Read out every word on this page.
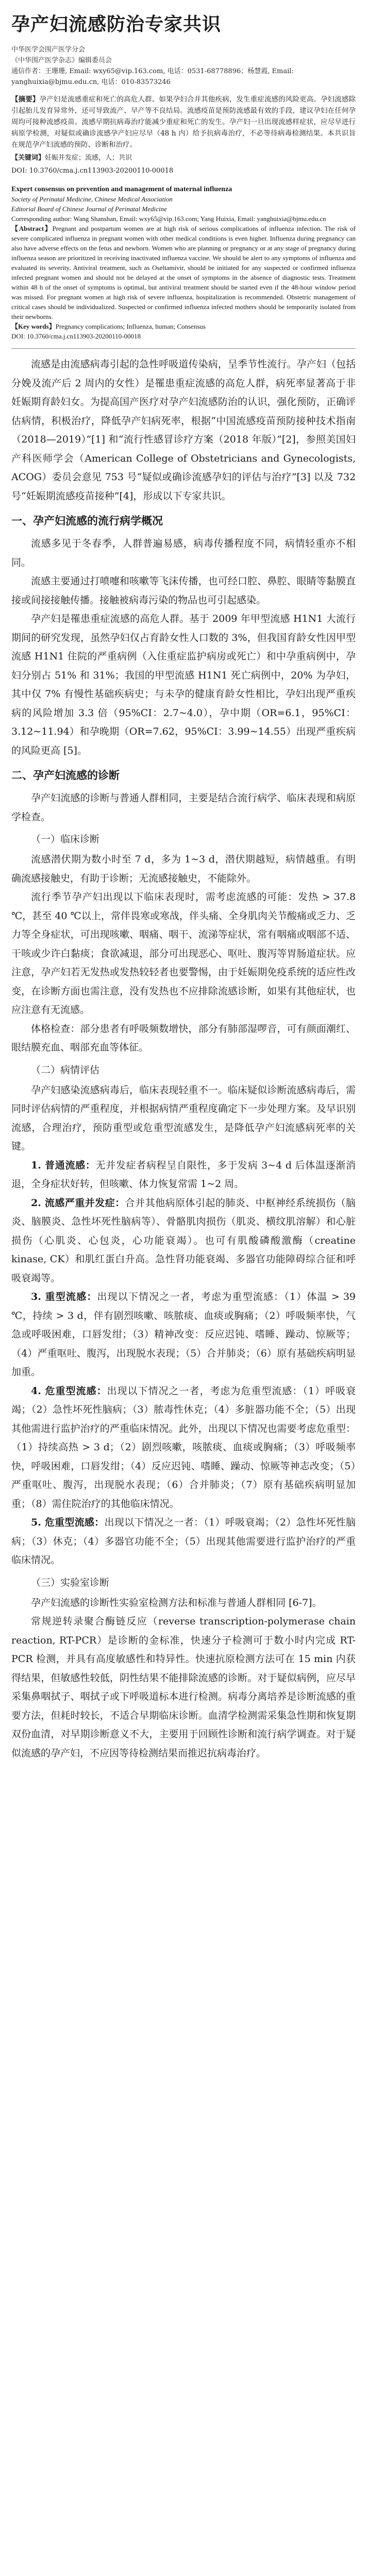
孕产妇流感防治专家共识
中华医学会围产医学分会
《中华围产医学杂志》编辑委员会
通信作者：王珊珊, Email: wxy65@vip.163.com, 电话：0531-68778896；杨慧霞, Email: yanghuixia@bjmu.edu.cn, 电话：010-83573246
【摘要】孕产妇是流感重症和死亡的高危人群。如果孕妇合并其他疾病，发生重症流感的风险更高。孕妇流感除引起胎儿发育异常外，还可导致流产、早产等不良结局。流感疫苗是预防流感最有效的手段，建议孕妇在任何孕周均可接种流感疫苗。流感早期抗病毒治疗能减少重症和死亡的发生。孕产妇一旦出现流感样症状，应尽早进行病原学检测，对疑似或确诊流感孕产妇应尽早（48 h 内）给予抗病毒治疗，不必等待病毒检测结果。本共识旨在规范孕产妇流感的预防、诊断和治疗。
【关键词】妊娠并发症；流感，人；共识
DOI: 10.3760/cma.j.cn113903-20200110-00018
Expert consensus on prevention and management of maternal influenza
Society of Perinatal Medicine, Chinese Medical Association
Editorial Board of Chinese Journal of Perinatal Medicine
Corresponding author: Wang Shanshan, Email: wxy65@vip.163.com; Yang Huixia, Email: yanghuixia@bjmu.edu.cn
【Abstract】Pregnant and postpartum women are at high risk of serious complications of influenza infection. The risk of severe complicated influenza in pregnant women with other medical conditions is even higher. Influenza during pregnancy can also have adverse effects on the fetus and newborn. Women who are planning or pregnancy or at any stage of pregnancy during influenza season are prioritized in receiving inactivated influenza vaccine. We should be alert to any symptoms of influenza and evaluated its severity. Antiviral treatment, such as Oseltamivir, should be initiated for any suspected or confirmed influenza infected pregnant women and should not be delayed at the onset of symptoms in the absence of diagnostic tests. Treatment within 48 h of the onset of symptoms is optimal, but antiviral treatment should be started even if the 48-hour window period was missed. For pregnant women at high risk of severe influenza, hospitalization is recommended. Obstetric management of critical cases should be individualized. Suspected or confirmed influenza infected mothers should be temporarily isolated from their newborns.
【Key words】Pregnancy complications; Influenza, human; Consensus
DOI: 10.3760/cma.j.cn113903-20200110-00018

流感是由流感病毒引起的急性呼吸道传染病，呈季节性流行。孕产妇（包括分娩及流产后 2 周内的女性）是罹患重症流感的高危人群，病死率显著高于非妊娠期育龄妇女。为提高国产医疗对孕产妇流感防治的认识，强化预防，正确评估病情，积极治疗，降低孕产妇病死率，根据“中国流感疫苗预防接种技术指南（2018—2019）”[1] 和“流行性感冒诊疗方案（2018 年版）”[2]，参照美国妇产科医师学会（American College of Obstetricians and Gynecologists, ACOG）委员会意见 753 号“疑似或确诊流感孕妇的评估与治疗”[3] 以及 732 号“妊娠期流感疫苗接种”[4]，形成以下专家共识。

一、孕产妇流感的流行病学概况

流感多见于冬春季，人群普遍易感，病毒传播程度不同，病情轻重亦不相同。

流感主要通过打喷嚏和咳嗽等飞沫传播，也可经口腔、鼻腔、眼睛等黏膜直接或间接接触传播。接触被病毒污染的物品也可引起感染。

孕产妇是罹患重症流感的高危人群。基于 2009 年甲型流感 H1N1 大流行期间的研究发现，虽然孕妇仅占育龄女性人口数的 3%，但我国育龄女性因甲型流感 H1N1 住院的严重病例（入住重症监护病房或死亡）和中孕重病例中，孕妇分别占 51% 和 31%；我国的甲型流感 H1N1 死亡病例中，20% 为孕妇，其中仅 7% 有慢性基础疾病史；与未孕的健康育龄女性相比，孕妇出现严重疾病的风险增加 3.3 倍（95%CI：2.7~4.0），孕中期（OR=6.1，95%CI：3.12~11.94）和孕晚期（OR=7.62，95%CI：3.99~14.55）出现严重疾病的风险更高 [5]。

二、孕产妇流感的诊断

孕产妇流感的诊断与普通人群相同，主要是结合流行病学、临床表现和病原学检查。

（一）临床诊断

流感潜伏期为数小时至 7 d，多为 1~3 d，潜伏期越短，病情越重。有明确流感接触史，有助于诊断；无流感接触史，不能除外。

流行季节孕产妇出现以下临床表现时，需考虑流感的可能：发热 > 37.8 ℃，甚至 40 ℃以上，常伴畏寒或寒战，伴头痛、全身肌肉关节酸痛或乏力、乏力等全身症状，可出现咳嗽、咽痛、咽干、流涕等症状，常有咽痛或咽部不适、干咳或少许白黏痰；食欲减退，部分可出现恶心、呕吐、腹泻等胃肠道症状。应注意，孕产妇若无发热或发热较轻者也要警惕，由于妊娠期免疫系统的适应性改变，在诊断方面也需注意，没有发热也不应排除流感诊断，如果有其他症状，也应注意有无流感。

体格检查：部分患者有呼吸频数增快，部分有肺部湿啰音，可有颜面潮红、眼结膜充血、咽部充血等体征。

（二）病情评估

孕产妇感染流感病毒后，临床表现轻重不一。临床疑似诊断流感病毒后，需同时评估病情的严重程度，并根据病情严重程度确定下一步处理方案。及早识别流感，合理治疗，预防重型或危重型流感发生，是降低孕产妇流感病死率的关键。

1. 普通流感：无并发症者病程呈自限性，多于发病 3~4 d 后体温逐渐消退，全身症状好转，但咳嗽、体力恢复常需 1~2 周。

2. 流感严重并发症：合并其他病原体引起的肺炎、中枢神经系统损伤（脑炎、脑膜炎、急性坏死性脑病等）、骨骼肌肉损伤（肌炎、横纹肌溶解）和心脏损伤（心肌炎、心包炎，心功能衰竭）。也可有肌酸磷酸激酶（creatine kinase, CK）和肌红蛋白升高。急性肾功能衰竭、多器官功能障碍综合征和呼吸衰竭等。

3. 重型流感：出现以下情况之一者，考虑为重型流感：（1）体温 > 39 ℃，持续 > 3 d，伴有剧烈咳嗽、咳脓痰、血痰或胸痛；（2）呼吸频率快，气急或呼吸困难，口唇发绀；（3）精神改变：反应迟钝、嗜睡、躁动、惊厥等；（4）严重呕吐、腹泻，出现脱水表现；（5）合并肺炎；（6）原有基础疾病明显加重。

4. 危重型流感：出现以下情况之一者，考虑为危重型流感：（1）呼吸衰竭；（2）急性坏死性脑病；（3）脓毒性休克；（4）多脏器功能不全；（5）出现其他需进行监护治疗的严重临床情况。此外，出现以下情况也需要考虑危重型：（1）持续高热 > 3 d；（2）剧烈咳嗽，咳脓痰、血痰或胸痛；（3）呼吸频率快，呼吸困难，口唇发绀；（4）反应迟钝、嗜睡、躁动、惊厥等神志改变；（5）严重呕吐、腹泻，出现脱水表现；（6）合并肺炎；（7）原有基础疾病明显加重；（8）需住院治疗的其他临床情况。

5. 危重型流感：出现以下情况之一者：（1）呼吸衰竭；（2）急性坏死性脑病；（3）休克；（4）多器官功能不全；（5）出现其他需要进行监护治疗的严重临床情况。

（三）实验室诊断

孕产妇流感的诊断性实验室检测方法和标准与普通人群相同 [6-7]。

常规逆转录聚合酶链反应（reverse transcription-polymerase chain reaction, RT-PCR）是诊断的金标准，快速分子检测可于数小时内完成 RT-PCR 检测，并具有高度敏感性和特异性。快速抗原检测方法可在 15 min 内获得结果，但敏感性较低，阴性结果不能排除流感的诊断。对于疑似病例，应尽早采集鼻咽拭子、咽拭子或下呼吸道标本进行检测。病毒分离培养是诊断流感的重要方法，但耗时较长，不适合早期临床诊断。血清学检测需采集急性期和恢复期双份血清，对早期诊断意义不大，主要用于回顾性诊断和流行病学调查。对于疑似流感的孕产妇，不应因等待检测结果而推迟抗病毒治疗。
